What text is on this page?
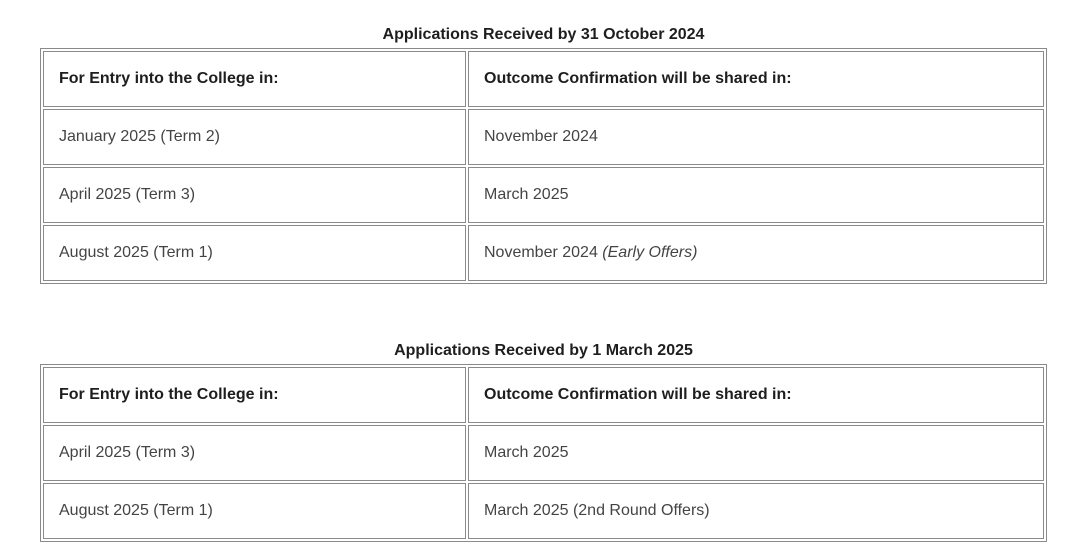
Applications Received by 31 October 2024
For Entry into the College in:	Outcome Confirmation will be shared in:
January 2025 (Term 2)	November 2024
April 2025 (Term 3)	March 2025
August 2025 (Term 1)	November 2024 (Early Offers)
Applications Received by 1 March 2025
For Entry into the College in:	Outcome Confirmation will be shared in:
April 2025 (Term 3)	March 2025
August 2025 (Term 1)	March 2025 (2nd Round Offers)
